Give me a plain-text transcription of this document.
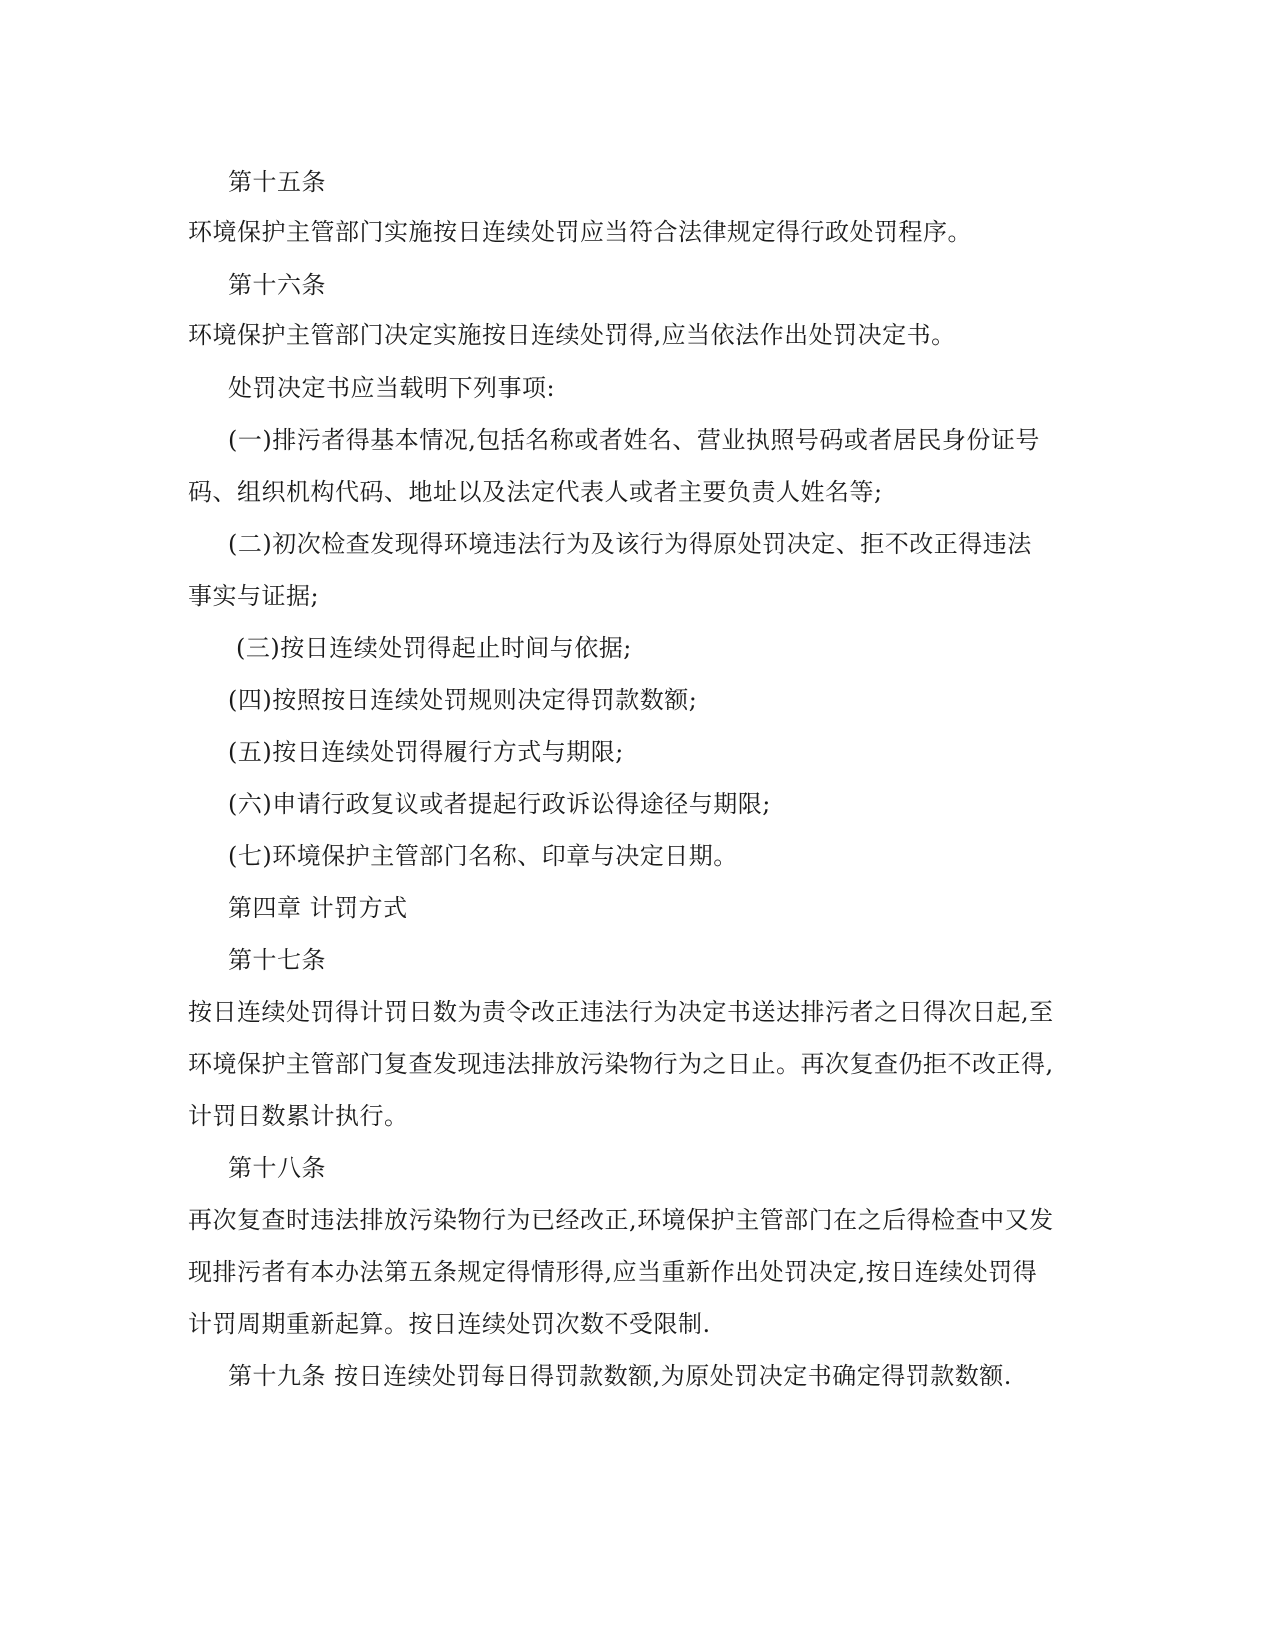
第十五条

环境保护主管部门实施按日连续处罚应当符合法律规定得行政处罚程序。

第十六条

环境保护主管部门决定实施按日连续处罚得,应当依法作出处罚决定书。

处罚决定书应当载明下列事项:

(一)排污者得基本情况,包括名称或者姓名、营业执照号码或者居民身份证号

码、组织机构代码、地址以及法定代表人或者主要负责人姓名等;

(二)初次检查发现得环境违法行为及该行为得原处罚决定、拒不改正得违法

事实与证据;

(三)按日连续处罚得起止时间与依据;

(四)按照按日连续处罚规则决定得罚款数额;

(五)按日连续处罚得履行方式与期限;

(六)申请行政复议或者提起行政诉讼得途径与期限;

(七)环境保护主管部门名称、印章与决定日期。

第四章 计罚方式

第十七条

按日连续处罚得计罚日数为责令改正违法行为决定书送达排污者之日得次日起,至

环境保护主管部门复查发现违法排放污染物行为之日止。再次复查仍拒不改正得,

计罚日数累计执行。

第十八条

再次复查时违法排放污染物行为已经改正,环境保护主管部门在之后得检查中又发

现排污者有本办法第五条规定得情形得,应当重新作出处罚决定,按日连续处罚得

计罚周期重新起算。按日连续处罚次数不受限制.

第十九条 按日连续处罚每日得罚款数额,为原处罚决定书确定得罚款数额.
